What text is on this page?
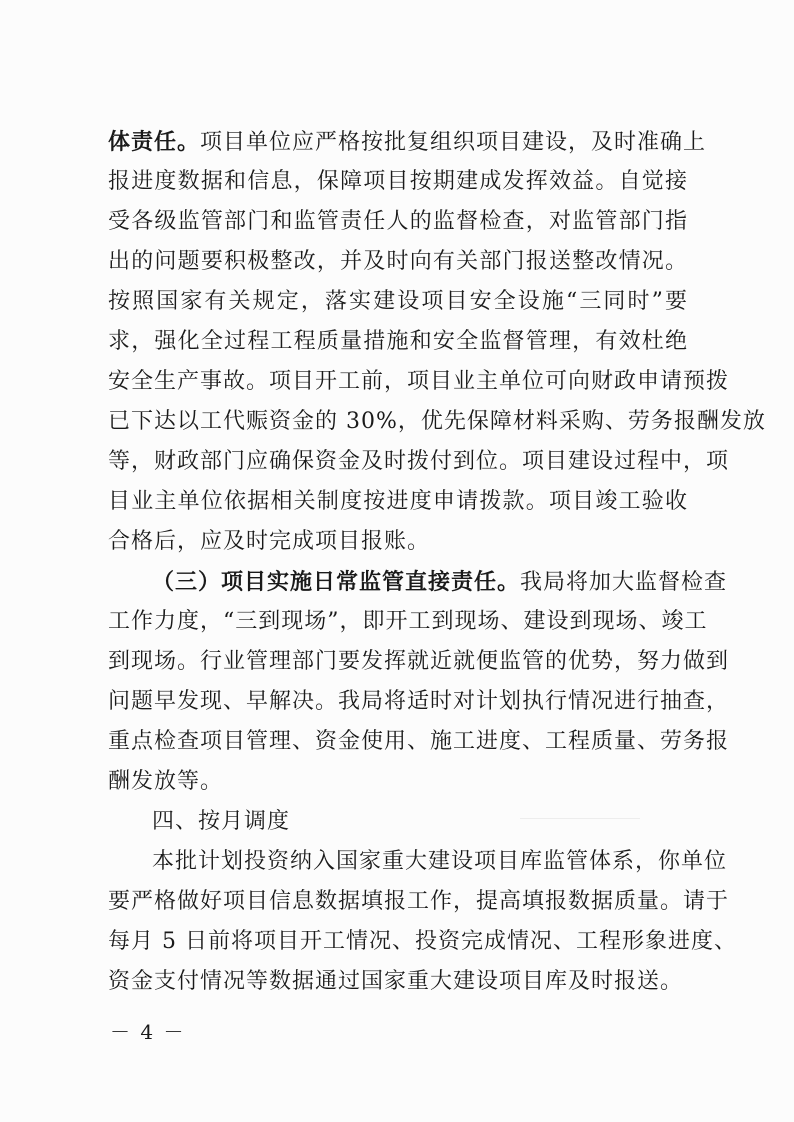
体责任。项目单位应严格按批复组织项目建设，及时准确上
报进度数据和信息，保障项目按期建成发挥效益。自觉接
受各级监管部门和监管责任人的监督检查，对监管部门指
出的问题要积极整改，并及时向有关部门报送整改情况。
按照国家有关规定，落实建设项目安全设施“三同时”要
求，强化全过程工程质量措施和安全监督管理，有效杜绝
安全生产事故。项目开工前，项目业主单位可向财政申请预拨
已下达以工代赈资金的 30%，优先保障材料采购、劳务报酬发放
等，财政部门应确保资金及时拨付到位。项目建设过程中，项
目业主单位依据相关制度按进度申请拨款。项目竣工验收
合格后，应及时完成项目报账。
（三）项目实施日常监管直接责任。我局将加大监督检查
工作力度，“三到现场”，即开工到现场、建设到现场、竣工
到现场。行业管理部门要发挥就近就便监管的优势，努力做到
问题早发现、早解决。我局将适时对计划执行情况进行抽查，
重点检查项目管理、资金使用、施工进度、工程质量、劳务报
酬发放等。
四、按月调度
本批计划投资纳入国家重大建设项目库监管体系，你单位
要严格做好项目信息数据填报工作，提高填报数据质量。请于
每月 5 日前将项目开工情况、投资完成情况、工程形象进度、
资金支付情况等数据通过国家重大建设项目库及时报送。
－ 4 －
